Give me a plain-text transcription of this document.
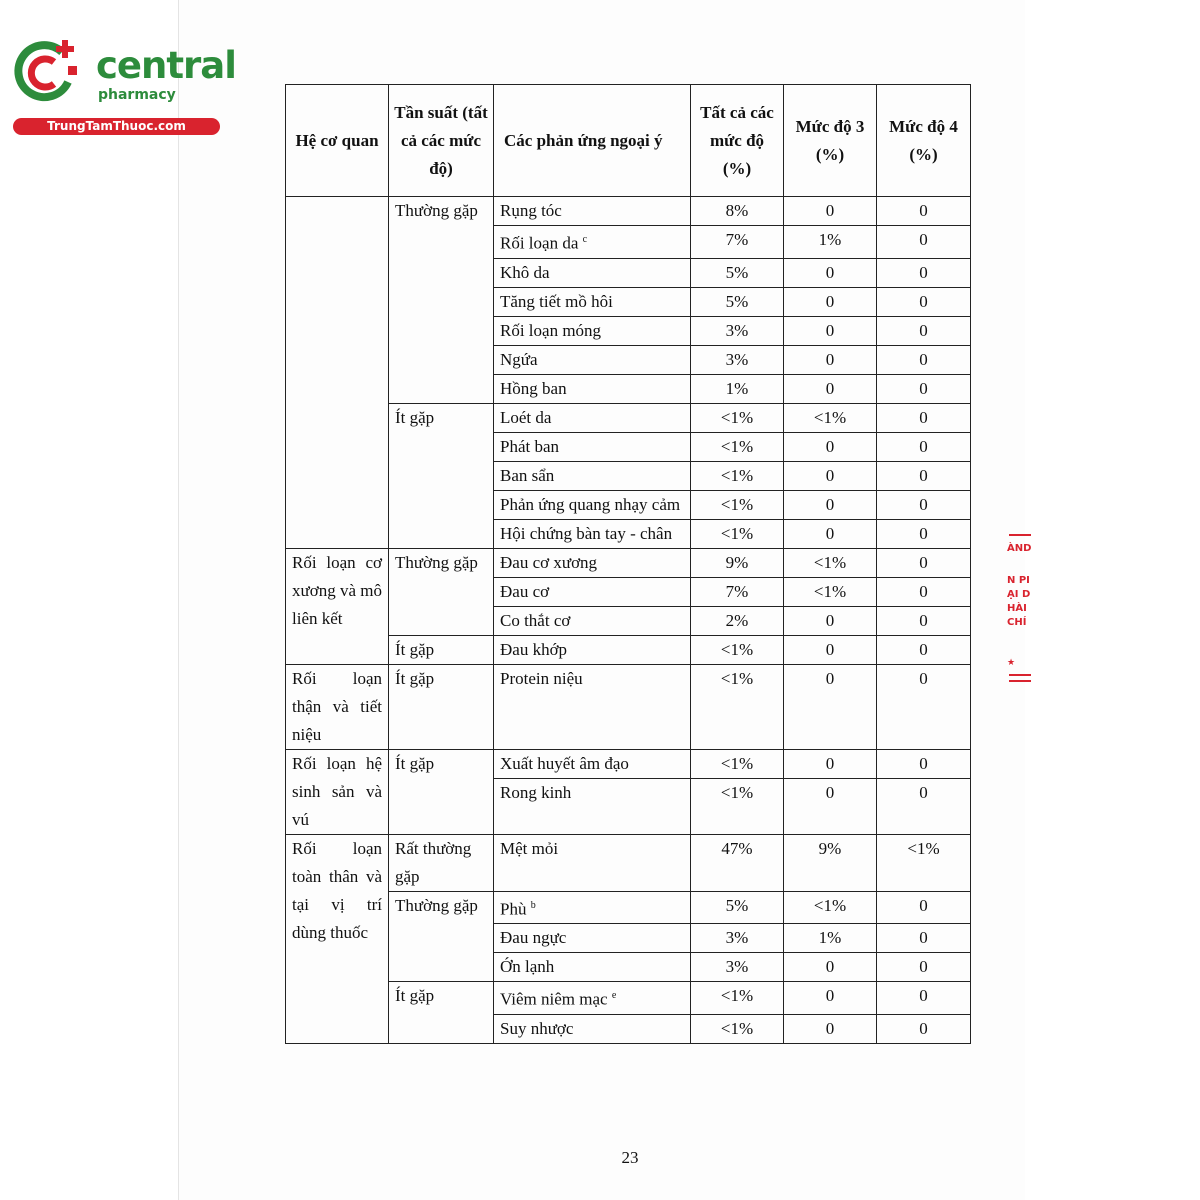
central
pharmacy
TrungTamThuoc.com
Hệ cơ quan	Tần suất (tất cả các mức độ)	Các phản ứng ngoại ý	Tất cả các mức độ (%)	Mức độ 3 (%)	Mức độ 4 (%)
	Thường gặp	Rụng tóc	8%	0	0
		Rối loạn da $^c$	7%	1%	0
		Khô da	5%	0	0
		Tăng tiết mồ hôi	5%	0	0
		Rối loạn móng	3%	0	0
		Ngứa	3%	0	0
		Hồng ban	1%	0	0
	Ít gặp	Loét da	<1%	<1%	0
		Phát ban	<1%	0	0
		Ban sẩn	<1%	0	0
		Phản ứng quang nhạy cảm	<1%	0	0
		Hội chứng bàn tay - chân	<1%	0	0
Rối loạn cơ xương và mô liên kết	Thường gặp	Đau cơ xương	9%	<1%	0
		Đau cơ	7%	<1%	0
		Co thắt cơ	2%	0	0
	Ít gặp	Đau khớp	<1%	0	0
Rối loạn thận và tiết niệu	Ít gặp	Protein niệu	<1%	0	0
Rối loạn hệ sinh sản và vú	Ít gặp	Xuất huyết âm đạo	<1%	0	0
		Rong kinh	<1%	0	0
Rối loạn toàn thân và tại vị trí dùng thuốc	Rất thường gặp	Mệt mỏi	47%	9%	<1%
	Thường gặp	Phù $^b$	5%	<1%	0
		Đau ngực	3%	1%	0
		Ớn lạnh	3%	0	0
	Ít gặp	Viêm niêm mạc $^e$	<1%	0	0
		Suy nhược	<1%	0	0
23
ÀND
N PI
ẠI D
HÀI
CHÍ
★
